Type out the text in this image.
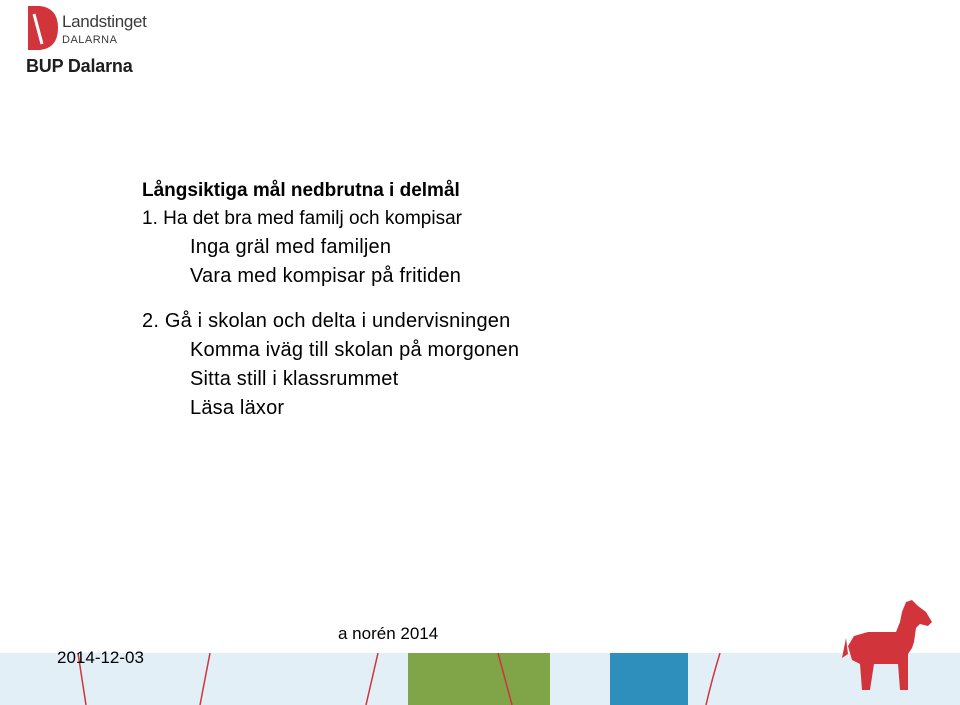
Landstinget
DALARNA
BUP Dalarna

Långsiktiga mål nedbrutna i delmål

1. Ha det bra med familj och kompisar

Inga gräl med familjen

Vara med kompisar på fritiden

2. Gå i skolan och delta i undervisningen

Komma iväg till skolan på morgonen

Sitta still i klassrummet

Läsa läxor

2014-12-03
a norén 2014
